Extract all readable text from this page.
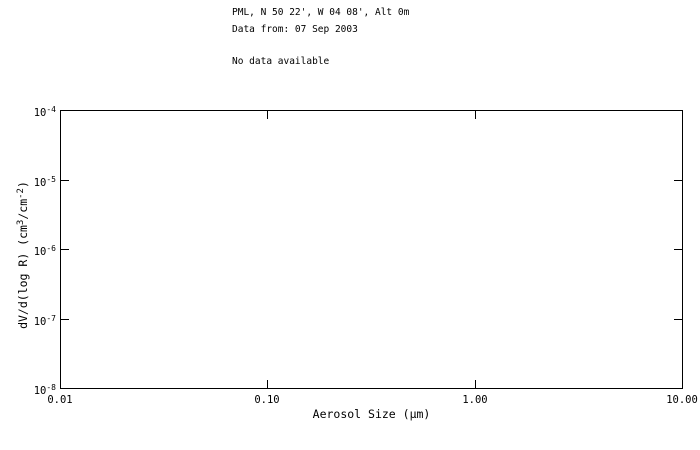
PML, N 50 22', W 04 08', Alt 0m
Data from: 07 Sep 2003
No data available
$10^{-4}$
$10^{-5}$
$10^{-6}$
$10^{-7}$
$10^{-8}$
0.01	0.10	1.00	10.00
Aerosol Size (µm)
dV/d(log R) $(cm^3/cm^{-2})$
